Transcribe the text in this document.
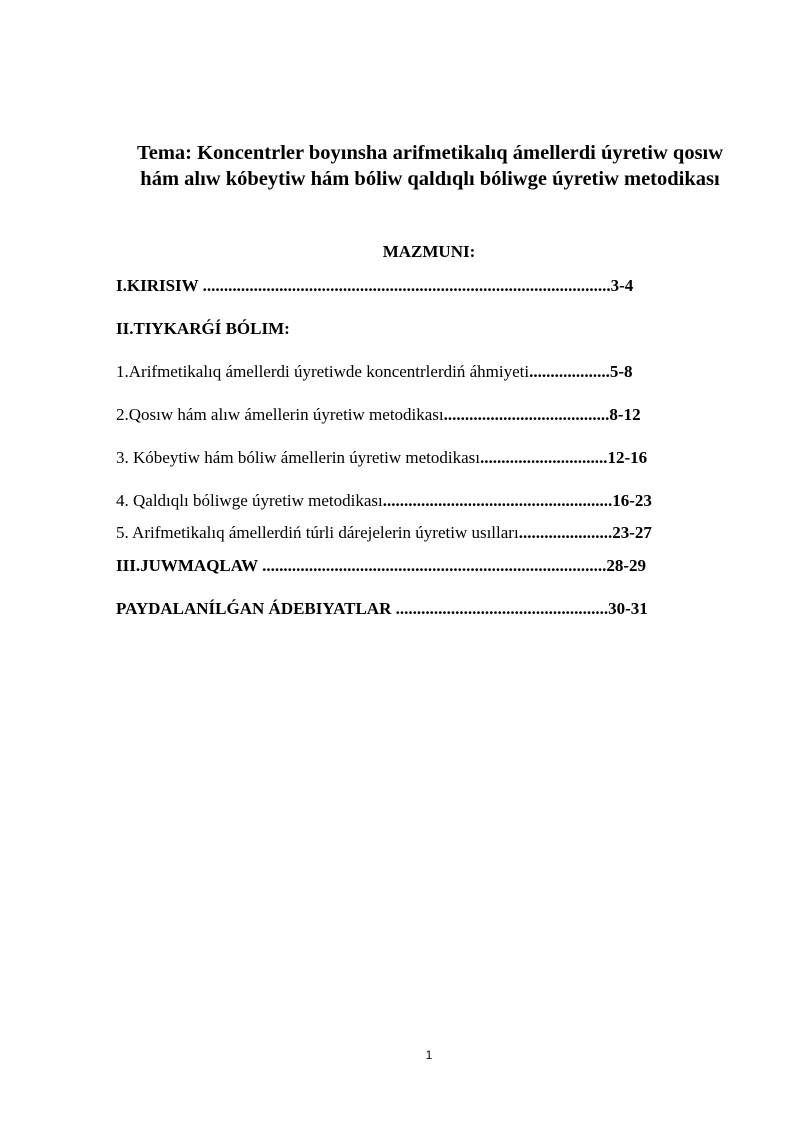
Tema: Koncentrler boyınsha arifmetikalıq ámellerdi úyretiw qosıw
hám alıw kóbeytiw hám bóliw qaldıqlı bóliwge úyretiw metodikası
MAZMUNI:
I.KIRISIW ................................................................................................3-4
II.TIYKARǴÍ BÓLIM:
1.Arifmetikalıq ámellerdi úyretiwde koncentrlerdiń áhmiyeti...................5-8
2.Qosıw hám alıw ámellerin úyretiw metodikası.......................................8-12
3. Kóbeytiw hám bóliw ámellerin úyretiw metodikası..............................12-16
4. Qaldıqlı bóliwge úyretiw metodikası......................................................16-23
5. Arifmetikalıq ámellerdiń túrli dárejelerin úyretiw usılları......................23-27
III.JUWMAQLAW .................................................................................28-29
PAYDALANÍLǴAN ÁDEBIYATLAR ..................................................30-31
1
